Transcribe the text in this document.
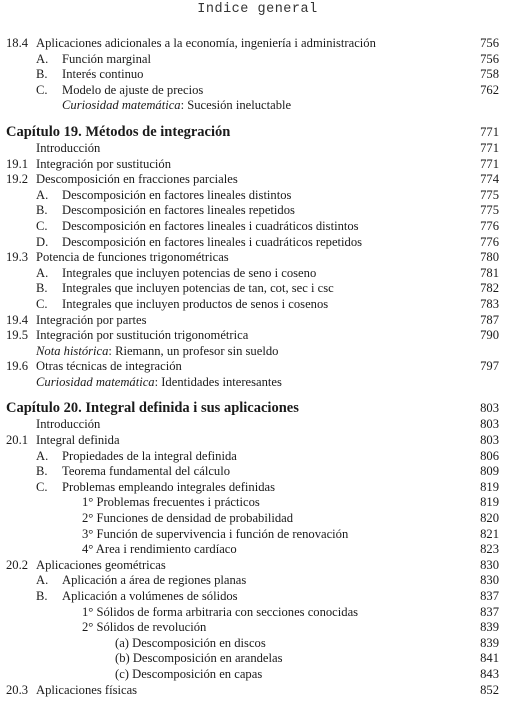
Indice general
18.4 Aplicaciones adicionales a la economía, ingeniería i administración	756
A. Función marginal	756
B. Interés continuo	758
C. Modelo de ajuste de precios	762
Curiosidad matemática: Sucesión ineluctable
Capítulo 19. Métodos de integración	771
Introducción	771
19.1 Integración por sustitución	771
19.2 Descomposición en fracciones parciales	774
A. Descomposición en factores lineales distintos	775
B. Descomposición en factores lineales repetidos	775
C. Descomposición en factores lineales i cuadráticos distintos	776
D. Descomposición en factores lineales i cuadráticos repetidos	776
19.3 Potencia de funciones trigonométricas	780
A. Integrales que incluyen potencias de seno i coseno	781
B. Integrales que incluyen potencias de tan, cot, sec i csc	782
C. Integrales que incluyen productos de senos i cosenos	783
19.4 Integración por partes	787
19.5 Integración por sustitución trigonométrica	790
Nota histórica: Riemann, un profesor sin sueldo
19.6 Otras técnicas de integración	797
Curiosidad matemática: Identidades interesantes
Capítulo 20. Integral definida i sus aplicaciones	803
Introducción	803
20.1 Integral definida	803
A. Propiedades de la integral definida	806
B. Teorema fundamental del cálculo	809
C. Problemas empleando integrales definidas	819
1° Problemas frecuentes i prácticos	819
2° Funciones de densidad de probabilidad	820
3° Función de supervivencia i función de renovación	821
4° Area i rendimiento cardíaco	823
20.2 Aplicaciones geométricas	830
A. Aplicación a área de regiones planas	830
B. Aplicación a volúmenes de sólidos	837
1° Sólidos de forma arbitraria con secciones conocidas	837
2° Sólidos de revolución	839
(a) Descomposición en discos	839
(b) Descomposición en arandelas	841
(c) Descomposición en capas	843
20.3 Aplicaciones físicas	852
